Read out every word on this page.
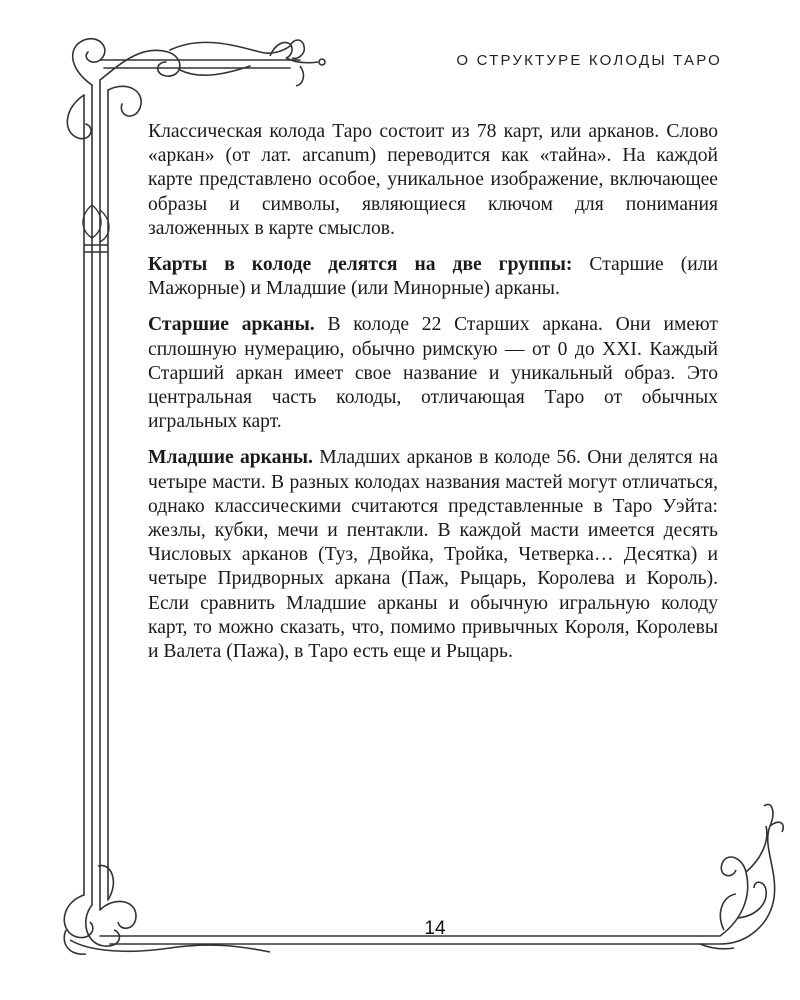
О СТРУКТУРЕ КОЛОДЫ ТАРО

Классическая колода Таро состоит из 78 карт, или арканов. Слово «аркан» (от лат. arcanum) переводится как «тайна». На каждой карте представлено особое, уникальное изображение, включающее образы и символы, являющиеся ключом для понимания заложенных в карте смыслов.

Карты в колоде делятся на две группы: Старшие (или Мажорные) и Младшие (или Минорные) арканы.

Старшие арканы. В колоде 22 Старших аркана. Они имеют сплошную нумерацию, обычно римскую — от 0 до XXI. Каждый Старший аркан имеет свое название и уникальный образ. Это центральная часть колоды, отличающая Таро от обычных игральных карт.

Младшие арканы. Младших арканов в колоде 56. Они делятся на четыре масти. В разных колодах названия мастей могут отличаться, однако классическими считаются представленные в Таро Уэйта: жезлы, кубки, мечи и пентакли. В каждой масти имеется десять Числовых арканов (Туз, Двойка, Тройка, Четверка… Десятка) и четыре Придворных аркана (Паж, Рыцарь, Королева и Король). Если сравнить Младшие арканы и обычную игральную колоду карт, то можно сказать, что, помимо привычных Короля, Королевы и Валета (Пажа), в Таро есть еще и Рыцарь.

14
